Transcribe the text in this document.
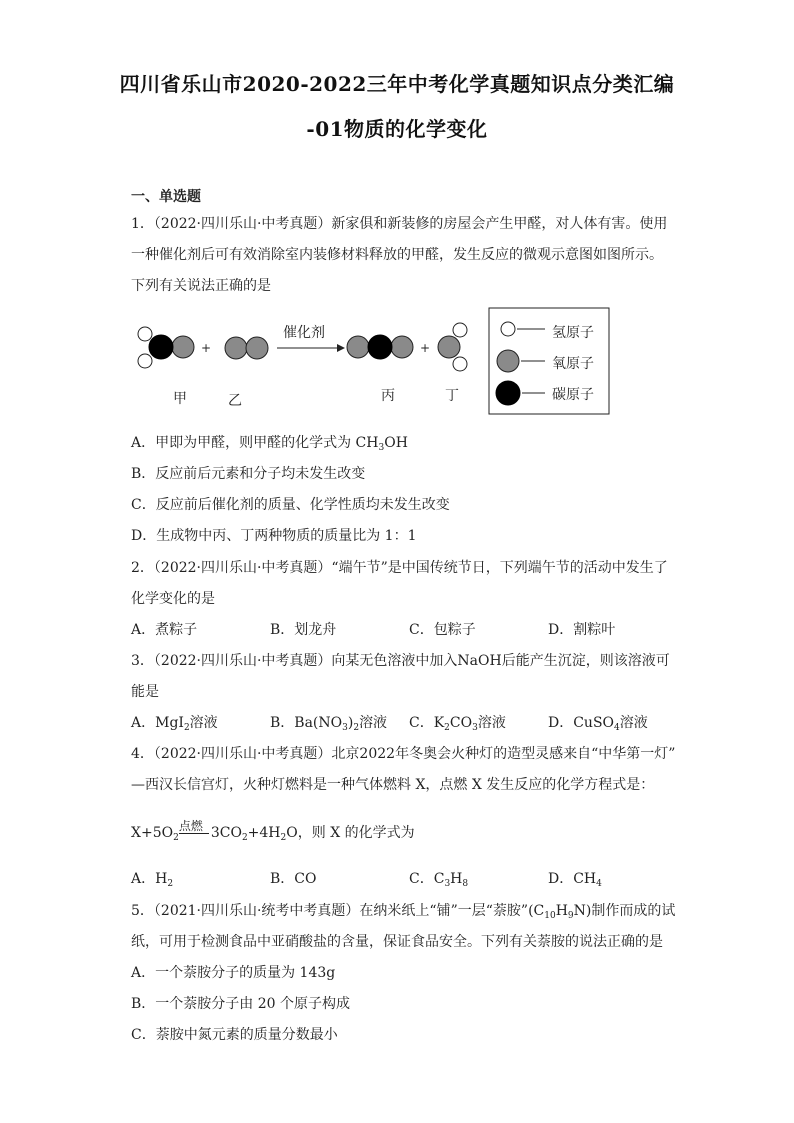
四川省乐山市2020-2022三年中考化学真题知识点分类汇编
-01物质的化学变化
一、单选题
1．（2022·四川乐山·中考真题）新家俱和新装修的房屋会产生甲醛，对人体有害。使用
一种催化剂后可有效消除室内装修材料释放的甲醛，发生反应的微观示意图如图所示。
下列有关说法正确的是
+	+
催化剂
甲	乙	丙	丁
氢原子
氧原子
碳原子
A．甲即为甲醛，则甲醛的化学式为 $CH_3OH$
B．反应前后元素和分子均未发生改变
C．反应前后催化剂的质量、化学性质均未发生改变
D．生成物中丙、丁两种物质的质量比为 1：1
2．（2022·四川乐山·中考真题）“端午节”是中国传统节日，下列端午节的活动中发生了
化学变化的是
A．煮粽子	B．划龙舟	C．包粽子	D．割粽叶
3．（2022·四川乐山·中考真题）向某无色溶液中加入NaOH后能产生沉淀，则该溶液可
能是
A．MgI$_2$溶液	B．$Ba(NO_3)_2$溶液 C．$K_2CO_3$溶液	D．CuSO$_4$溶液
4．（2022·四川乐山·中考真题）北京2022年冬奥会火种灯的造型灵感来自“中华第一灯”
—西汉长信宫灯，火种灯燃料是一种气体燃料 X，点燃 X 发生反应的化学方程式是：
$X+5O_2$
点燃 $3CO_2+4H_2O$，则 X 的化学式为
A．$H_2$	B．CO	C．$C_3H_8$	D．$CH_4$
5．（2021·四川乐山·统考中考真题）在纳米纸上“铺”一层“萘胺$”(C_{10}H_9N)$制作而成的试
纸，可用于检测食品中亚硝酸盐的含量，保证食品安全。下列有关萘胺的说法正确的是
A．一个萘胺分子的质量为 143g
B．一个萘胺分子由 20 个原子构成
C．萘胺中氮元素的质量分数最小
